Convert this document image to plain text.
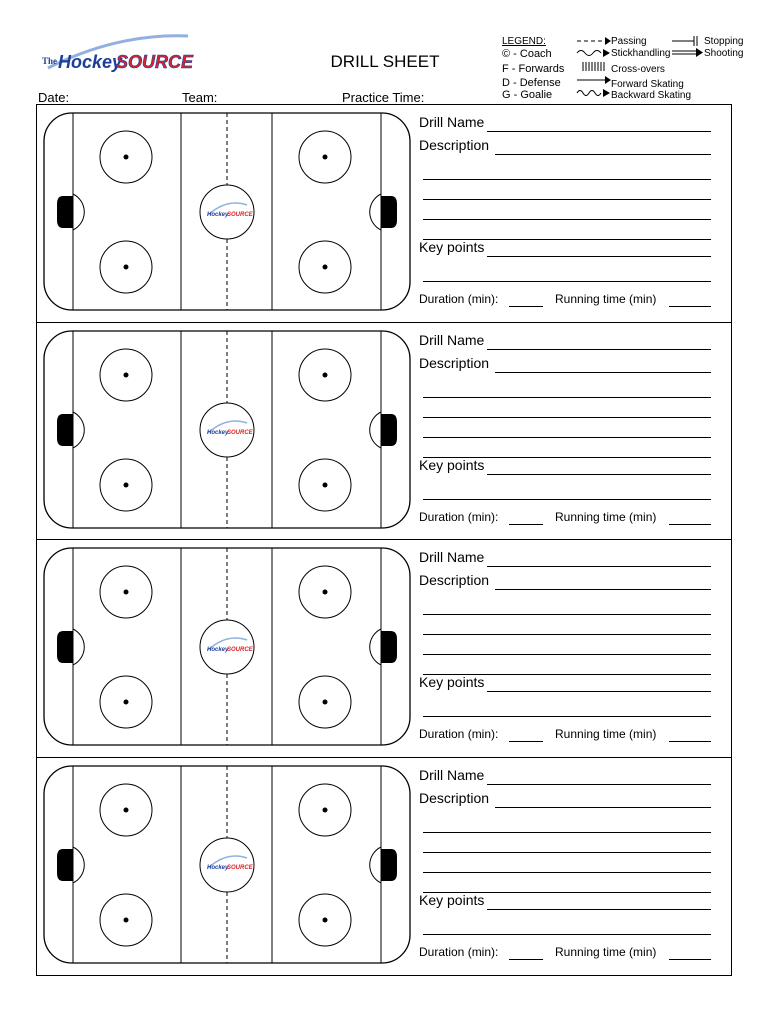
The Hockey
SOURCE	DRILL SHEET
LEGEND:
© - Coach
F - Forwards
D - Defense
G - Goalie
Passing
Stickhandling
Cross-overs
Forward Skating
Backward Skating
Stopping
Shooting
Date:	Team:	Practice Time:
Hockey
SOURCE
Drill Name
Description
Key points
Duration (min):	Running time (min)
Hockey
SOURCE
Drill Name
Description
Key points
Duration (min):	Running time (min)
Hockey
SOURCE
Drill Name
Description
Key points
Duration (min):	Running time (min)
Hockey
SOURCE
Drill Name
Description
Key points
Duration (min):	Running time (min)
